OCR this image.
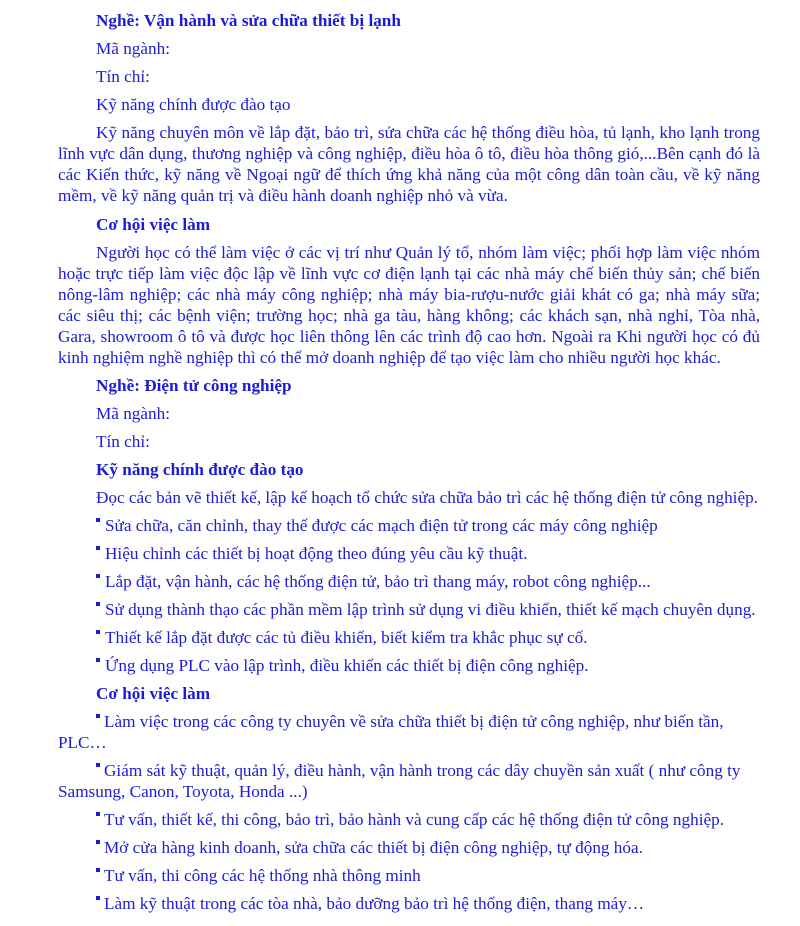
Nghề: Vận hành và sửa chữa thiết bị lạnh

Mã ngành:

Tín chỉ:

Kỹ năng chính được đào tạo

Kỹ năng chuyên môn về lắp đặt, bảo trì, sửa chữa các hệ thống điều hòa, tủ lạnh, kho lạnh trong lĩnh vực dân dụng, thương nghiệp và công nghiệp, điều hòa ô tô, điều hòa thông gió,...Bên cạnh đó là các Kiến thức, kỹ năng về Ngoại ngữ để thích ứng khả năng của một công dân toàn cầu, về kỹ năng mềm, về kỹ năng quản trị và điều hành doanh nghiệp nhỏ và vừa.

Cơ hội việc làm

Người học có thể làm việc ở các vị trí như Quản lý tổ, nhóm làm việc; phối hợp làm việc nhóm hoặc trực tiếp làm việc độc lập về lĩnh vực cơ điện lạnh tại các nhà máy chế biến thủy sản; chế biến nông-lâm nghiệp; các nhà máy công nghiệp; nhà máy bia-rượu-nước giải khát có ga; nhà máy sữa; các siêu thị; các bệnh viện; trường học; nhà ga tàu, hàng không; các khách sạn, nhà nghỉ, Tòa nhà, Gara, showroom ô tô và được học liên thông lên các trình độ cao hơn. Ngoài ra Khi người học có đủ kinh nghiệm nghề nghiệp thì có thể mở doanh nghiệp để tạo việc làm cho nhiều người học khác.

Nghề: Điện tử công nghiệp

Mã ngành:

Tín chỉ:

Kỹ năng chính được đào tạo

Đọc các bản vẽ thiết kế, lập kế hoạch tổ chức sửa chữa bảo trì các hệ thống điện tử công nghiệp.

Sửa chữa, căn chỉnh, thay thế được các mạch điện tử trong các máy công nghiệp

Hiệu chỉnh các thiết bị hoạt động theo đúng yêu cầu kỹ thuật.

Lắp đặt, vận hành, các hệ thống điện tử, bảo trì thang máy, robot công nghiệp...

Sử dụng thành thạo các phần mềm lập trình sử dụng vi điều khiển, thiết kế mạch chuyên dụng.

Thiết kế lắp đặt được các tủ điều khiển, biết kiểm tra khắc phục sự cố.

Ứng dụng PLC vào lập trình, điều khiển các thiết bị điện công nghiệp.

Cơ hội việc làm

Làm việc trong các công ty chuyên về sửa chữa thiết bị điện tử công nghiệp, như biến tần, PLC…

Giám sát kỹ thuật, quản lý, điều hành, vận hành trong các dây chuyền sản xuất ( như công ty Samsung, Canon, Toyota, Honda ...)

Tư vấn, thiết kế, thi công, bảo trì, bảo hành và cung cấp các hệ thống điện tử công nghiệp.

Mở cửa hàng kinh doanh, sửa chữa các thiết bị điện công nghiệp, tự động hóa.

Tư vấn, thi công các hệ thống nhà thông minh

Làm kỹ thuật trong các tòa nhà, bảo dưỡng bảo trì hệ thống điện, thang máy…
